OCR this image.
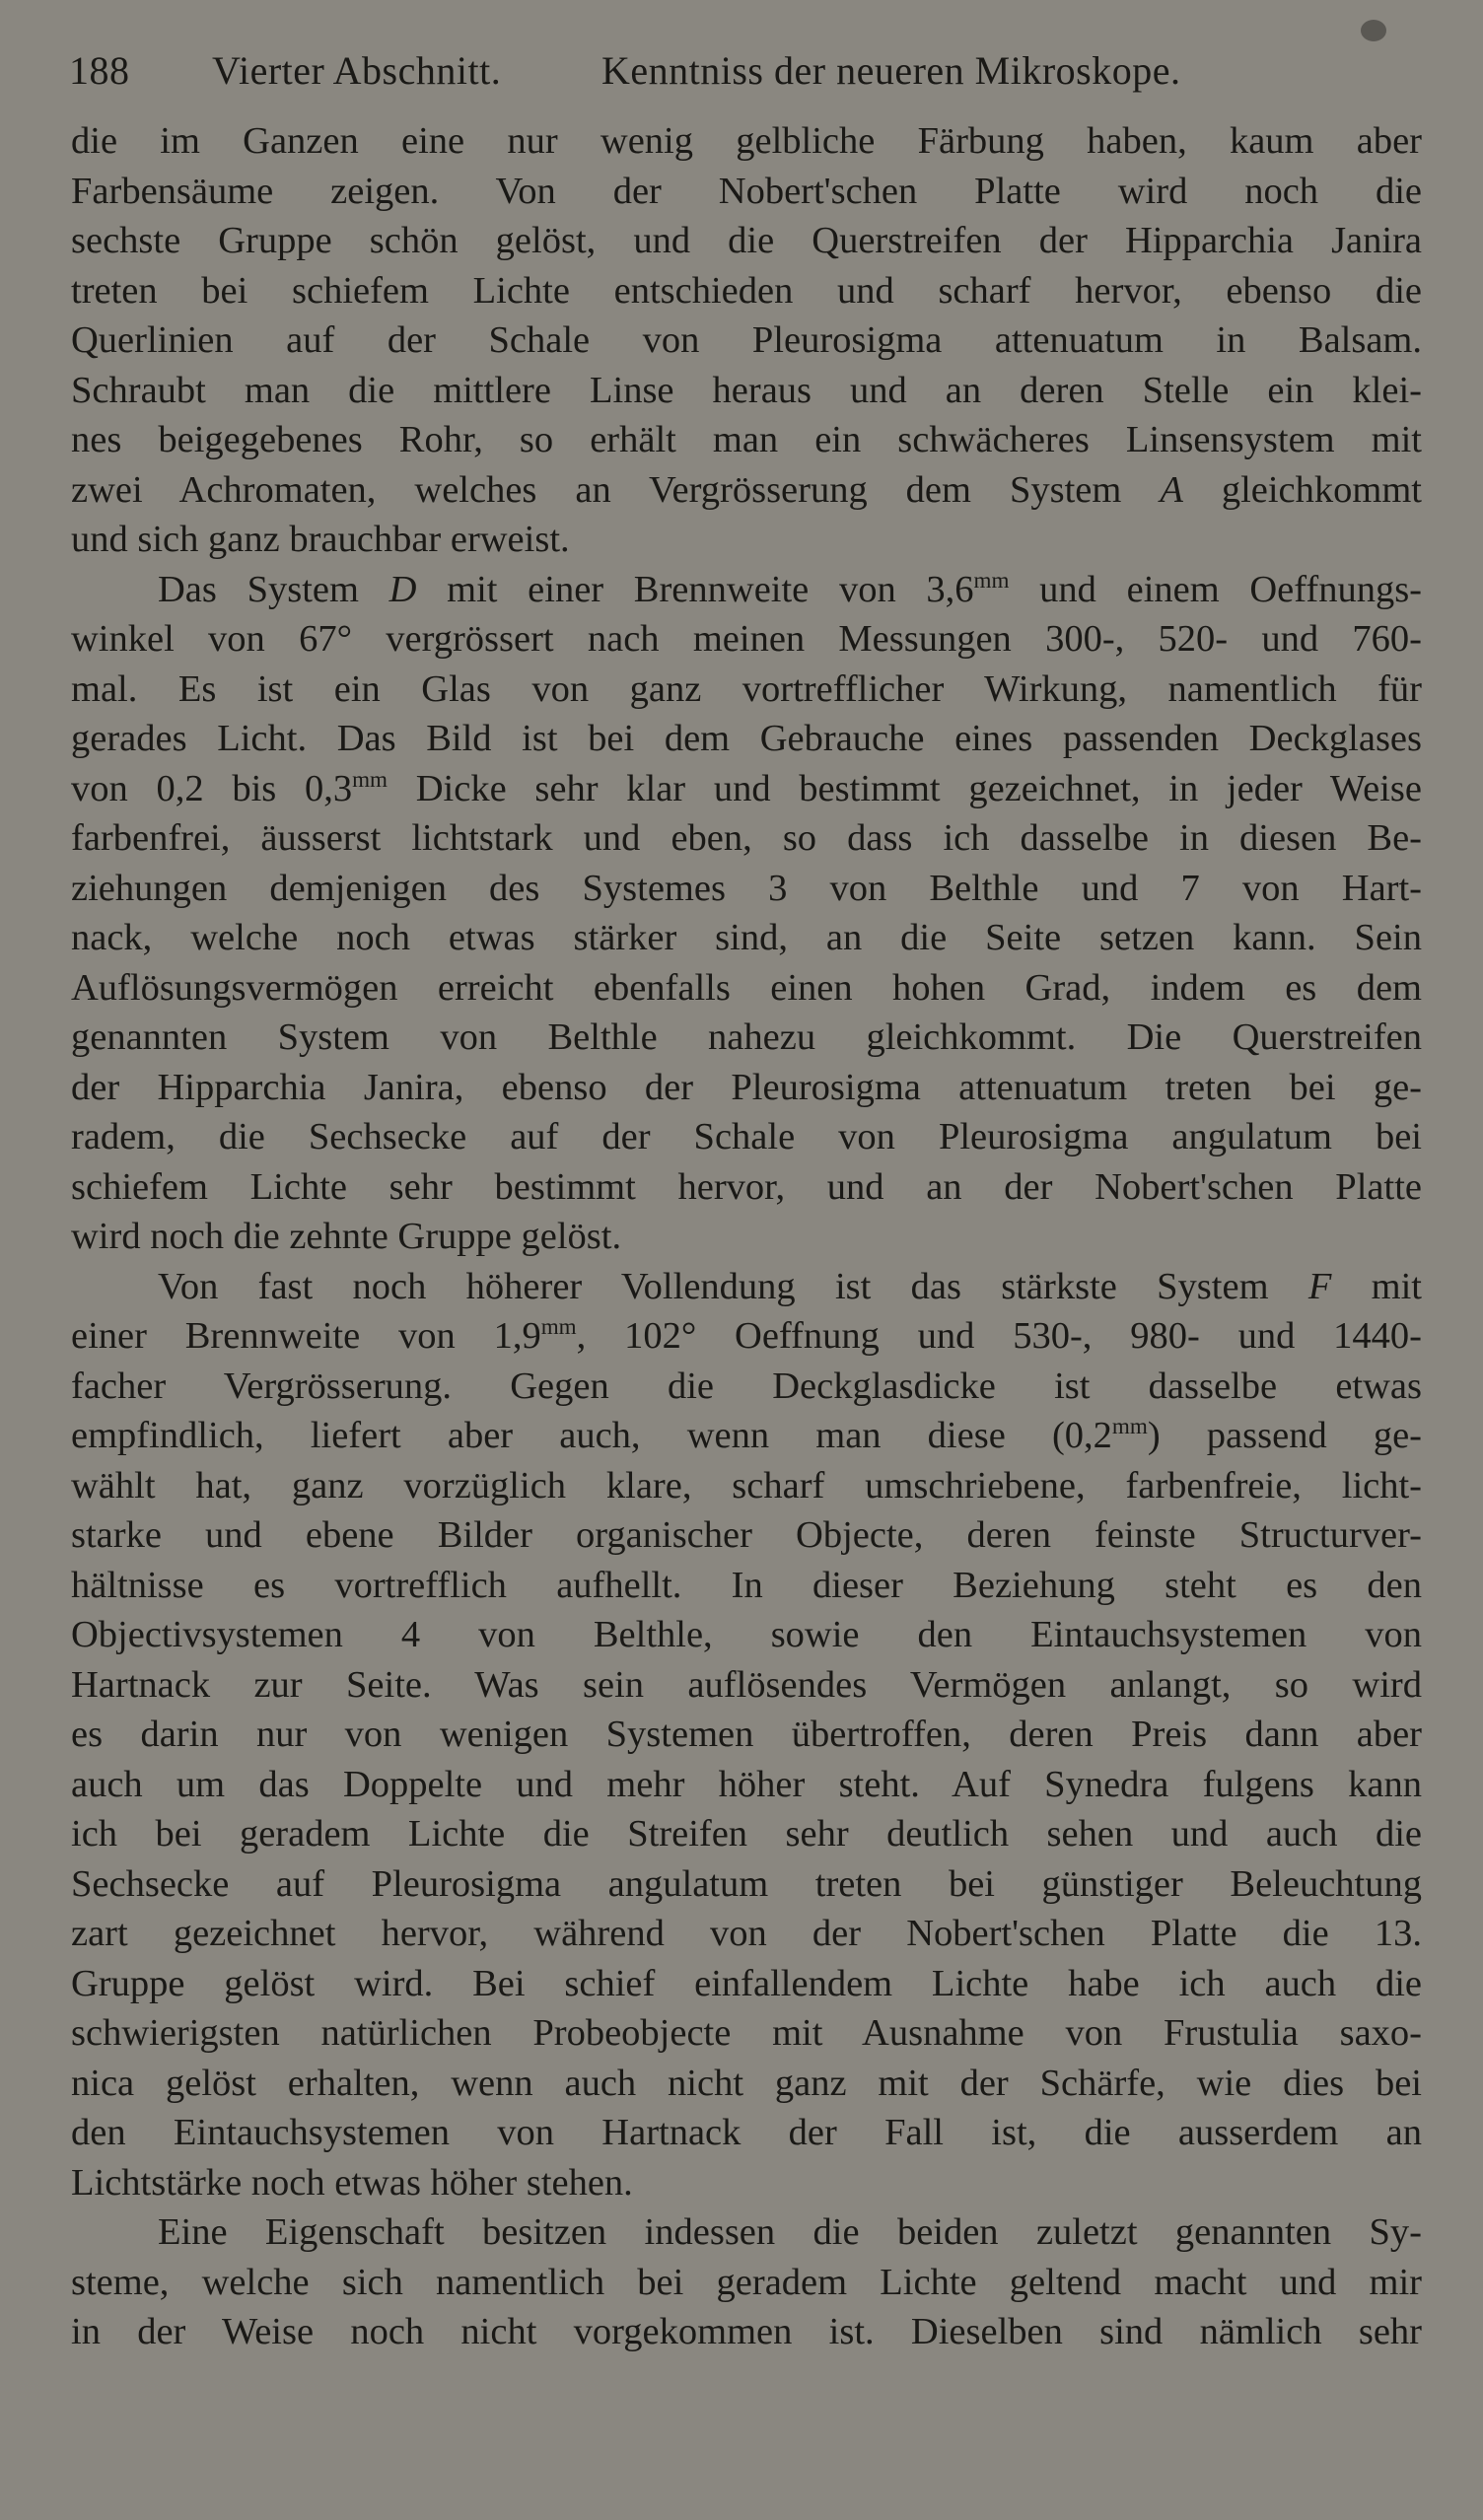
188 Vierter Abschnitt.	Kenntniss der neueren Mikroskope.
die im Ganzen eine nur wenig gelbliche Färbung haben, kaum aber
Farbensäume zeigen. Von der Nobert'schen Platte wird noch die
sechste Gruppe schön gelöst, und die Querstreifen der Hipparchia Janira
treten bei schiefem Lichte entschieden und scharf hervor, ebenso die
Querlinien auf der Schale von Pleurosigma attenuatum in Balsam.
Schraubt man die mittlere Linse heraus und an deren Stelle ein klei-
nes beigegebenes Rohr, so erhält man ein schwächeres Linsensystem mit
zwei Achromaten, welches an Vergrösserung dem System A gleichkommt
und sich ganz brauchbar erweist.
Das System D mit einer Brennweite von $3,6^{mm}$ und einem Oeffnungs-
winkel von 67° vergrössert nach meinen Messungen 300-, 520- und 760-
mal. Es ist ein Glas von ganz vortrefflicher Wirkung, namentlich für
gerades Licht. Das Bild ist bei dem Gebrauche eines passenden Deckglases
von 0,2 bis $0,3^{mm}$ Dicke sehr klar und bestimmt gezeichnet, in jeder Weise
farbenfrei, äusserst lichtstark und eben, so dass ich dasselbe in diesen Be-
ziehungen demjenigen des Systemes 3 von Belthle und 7 von Hart-
nack, welche noch etwas stärker sind, an die Seite setzen kann. Sein
Auflösungsvermögen erreicht ebenfalls einen hohen Grad, indem es dem
genannten System von Belthle nahezu gleichkommt. Die Querstreifen
der Hipparchia Janira, ebenso der Pleurosigma attenuatum treten bei ge-
radem, die Sechsecke auf der Schale von Pleurosigma angulatum bei
schiefem Lichte sehr bestimmt hervor, und an der Nobert'schen Platte
wird noch die zehnte Gruppe gelöst.
Von fast noch höherer Vollendung ist das stärkste System F mit
einer Brennweite von $1,9^{mm}$, 102° Oeffnung und 530-, 980- und 1440-
facher Vergrösserung. Gegen die Deckglasdicke ist dasselbe etwas
empfindlich, liefert aber auch, wenn man diese $(0,2^{mm})$ passend ge-
wählt hat, ganz vorzüglich klare, scharf umschriebene, farbenfreie, licht-
starke und ebene Bilder organischer Objecte, deren feinste Structurver-
hältnisse es vortrefflich aufhellt. In dieser Beziehung steht es den
Objectivsystemen 4 von Belthle, sowie den Eintauchsystemen von
Hartnack zur Seite. Was sein auflösendes Vermögen anlangt, so wird
es darin nur von wenigen Systemen übertroffen, deren Preis dann aber
auch um das Doppelte und mehr höher steht. Auf Synedra fulgens kann
ich bei geradem Lichte die Streifen sehr deutlich sehen und auch die
Sechsecke auf Pleurosigma angulatum treten bei günstiger Beleuchtung
zart gezeichnet hervor, während von der Nobert'schen Platte die 13.
Gruppe gelöst wird. Bei schief einfallendem Lichte habe ich auch die
schwierigsten natürlichen Probeobjecte mit Ausnahme von Frustulia saxo-
nica gelöst erhalten, wenn auch nicht ganz mit der Schärfe, wie dies bei
den Eintauchsystemen von Hartnack der Fall ist, die ausserdem an
Lichtstärke noch etwas höher stehen.
Eine Eigenschaft besitzen indessen die beiden zuletzt genannten Sy-
steme, welche sich namentlich bei geradem Lichte geltend macht und mir
in der Weise noch nicht vorgekommen ist. Dieselben sind nämlich sehr
